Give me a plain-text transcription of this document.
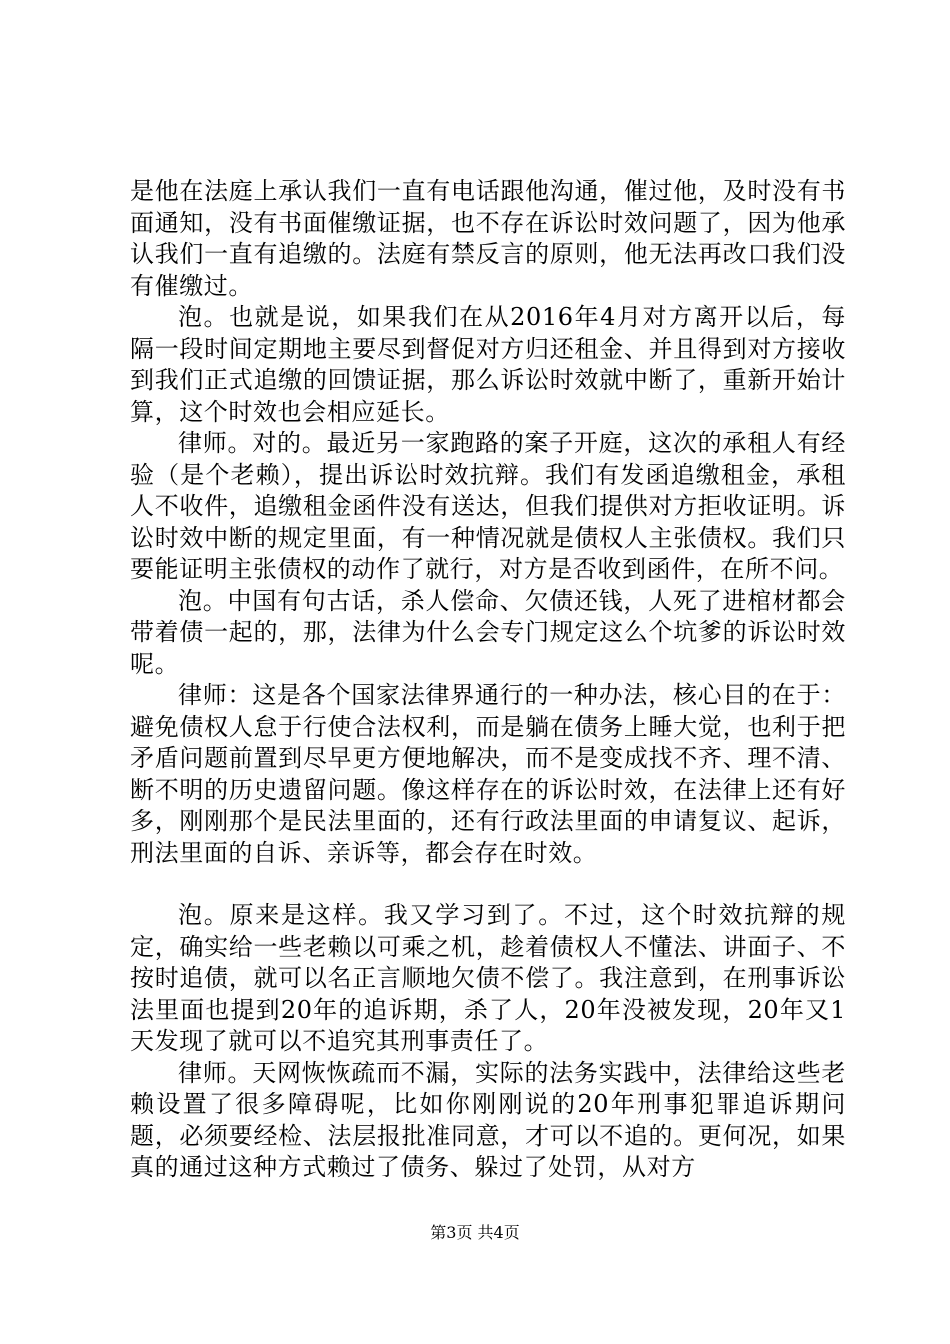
是他在法庭上承认我们一直有电话跟他沟通，催过他，及时没有书面通知，没有书面催缴证据，也不存在诉讼时效问题了，因为他承认我们一直有追缴的。法庭有禁反言的原则，他无法再改口我们没有催缴过。

泡。也就是说，如果我们在从2016年4月对方离开以后，每隔一段时间定期地主要尽到督促对方归还租金、并且得到对方接收到我们正式追缴的回馈证据，那么诉讼时效就中断了，重新开始计算，这个时效也会相应延长。

律师。对的。最近另一家跑路的案子开庭，这次的承租人有经验（是个老赖），提出诉讼时效抗辩。我们有发函追缴租金，承租人不收件，追缴租金函件没有送达，但我们提供对方拒收证明。诉讼时效中断的规定里面，有一种情况就是债权人主张债权。我们只要能证明主张债权的动作了就行，对方是否收到函件，在所不问。

泡。中国有句古话，杀人偿命、欠债还钱，人死了进棺材都会带着债一起的，那，法律为什么会专门规定这么个坑爹的诉讼时效呢。

律师：这是各个国家法律界通行的一种办法，核心目的在于：避免债权人怠于行使合法权利，而是躺在债务上睡大觉，也利于把矛盾问题前置到尽早更方便地解决，而不是变成找不齐、理不清、断不明的历史遗留问题。像这样存在的诉讼时效，在法律上还有好多，刚刚那个是民法里面的，还有行政法里面的申请复议、起诉，刑法里面的自诉、亲诉等，都会存在时效。

泡。原来是这样。我又学习到了。不过，这个时效抗辩的规定，确实给一些老赖以可乘之机，趁着债权人不懂法、讲面子、不按时追债，就可以名正言顺地欠债不偿了。我注意到，在刑事诉讼法里面也提到20年的追诉期，杀了人，20年没被发现，20年又1天发现了就可以不追究其刑事责任了。

律师。天网恢恢疏而不漏，实际的法务实践中，法律给这些老赖设置了很多障碍呢，比如你刚刚说的20年刑事犯罪追诉期问题，必须要经检、法层报批准同意，才可以不追的。更何况，如果真的通过这种方式赖过了债务、躲过了处罚，从对方

第3页 共4页
